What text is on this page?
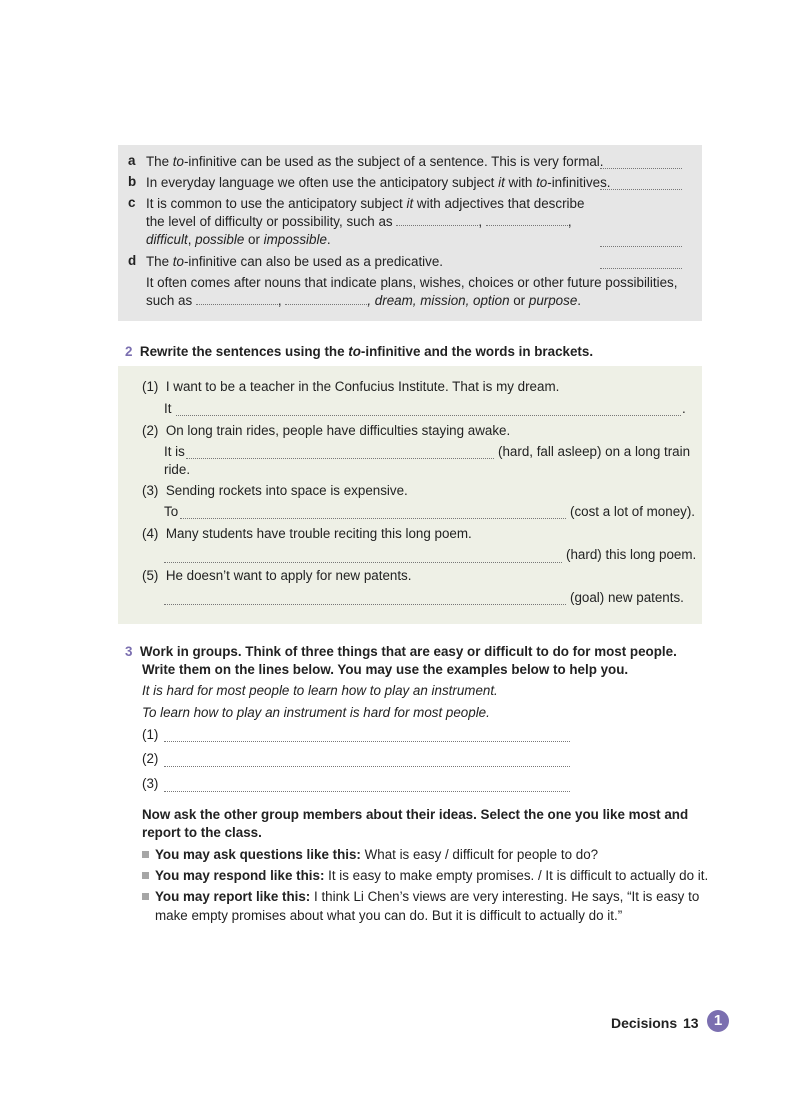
a The to-infinitive can be used as the subject of a sentence. This is very formal.
b In everyday language we often use the anticipatory subject it with to-infinitives.
c It is common to use the anticipatory subject it with adjectives that describe
the level of difficulty or possibility, such as	,	,
difficult, possible or impossible.
d The to-infinitive can also be used as a predicative.
It often comes after nouns that indicate plans, wishes, choices or other future possibilities,
such as	,	, dream, mission, option or purpose.
2 Rewrite the sentences using the to-infinitive and the words in brackets.
(1) I want to be a teacher in the Confucius Institute. That is my dream.
It	.
(2) On long train rides, people have difficulties staying awake.
It is	(hard, fall asleep) on a long train
ride.
(3) Sending rockets into space is expensive.
To	(cost a lot of money).
(4) Many students have trouble reciting this long poem.
(hard) this long poem.
(5) He doesn’t want to apply for new patents.
(goal) new patents.
3 Work in groups. Think of three things that are easy or difficult to do for most people.
Write them on the lines below. You may use the examples below to help you.
It is hard for most people to learn how to play an instrument.
To learn how to play an instrument is hard for most people.
(1)
(2)
(3)
Now ask the other group members about their ideas. Select the one you like most and
report to the class.
You may ask questions like this: What is easy / difficult for people to do?
You may respond like this: It is easy to make empty promises. / It is difficult to actually do it.
You may report like this: I think Li Chen’s views are very interesting. He says, “It is easy to
make empty promises about what you can do. But it is difficult to actually do it.”
Decisions 13	1
